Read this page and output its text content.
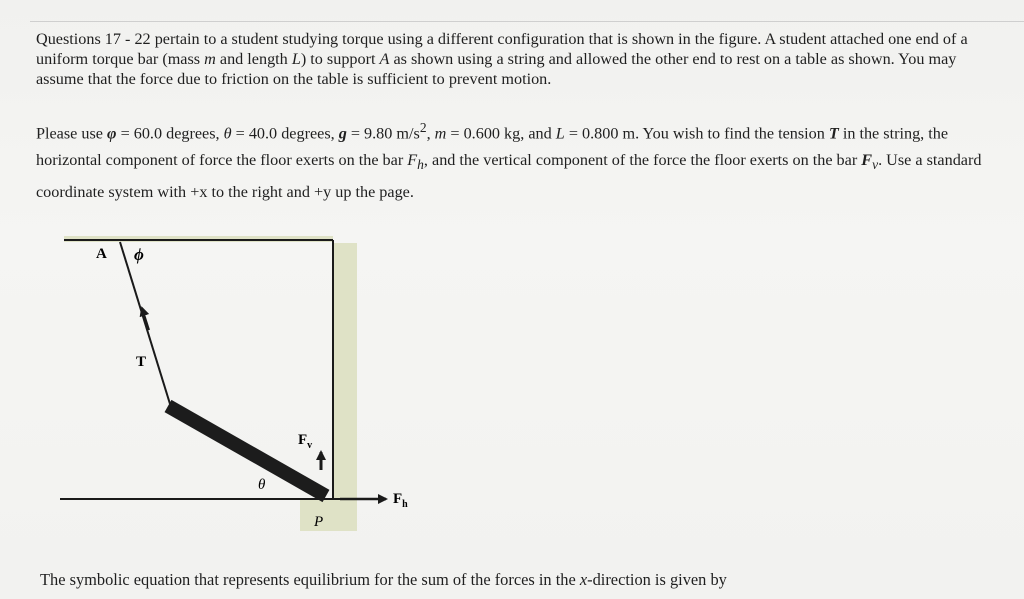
Questions 17 - 22 pertain to a student studying torque using a different configuration that is shown in the figure. A student attached one end of a uniform torque bar (mass m and length L) to support A as shown using a string and allowed the other end to rest on a table as shown. You may assume that the force due to friction on the table is sufficient to prevent motion.

Please use φ = 60.0 degrees, θ = 40.0 degrees, g = 9.80 $m/s^2$, m = 0.600 kg, and L = 0.800 m. You wish to find the tension T in the string, the horizontal component of force the floor exerts on the bar $F_h$, and the vertical component of the force the floor exerts on the bar $F_v$. Use a standard coordinate system with +x to the right and +y up the page.

A ϕ
T
$F_v$
θ
$F_h$
P

The symbolic equation that represents equilibrium for the sum of the forces in the x-direction is given by
